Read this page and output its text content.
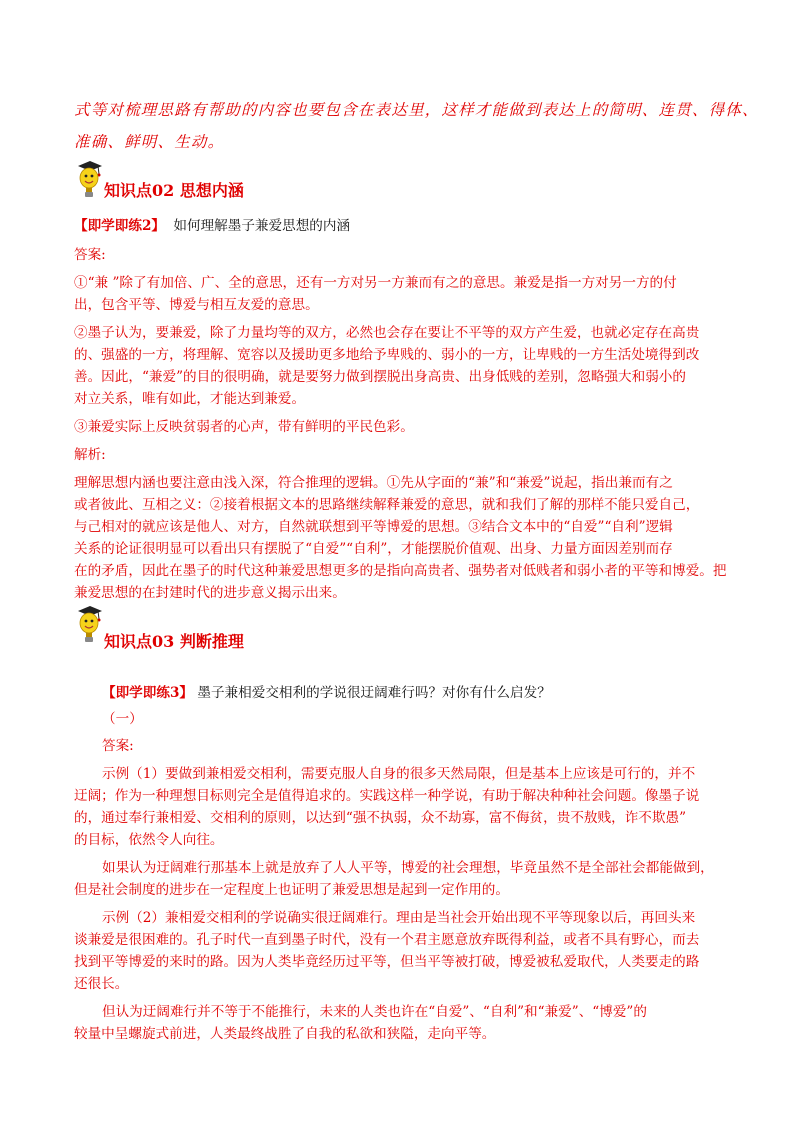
式等对梳理思路有帮助的内容也要包含在表达里，这样才能做到表达上的简明、连贯、得体、
准确、鲜明、生动。
知识点02 思想内涵
【即学即练2】 如何理解墨子兼爱思想的内涵
答案:
①“兼 ”除了有加倍、广、全的意思，还有一方对另一方兼而有之的意思。兼爱是指一方对另一方的付
出，包含平等、博爱与相互友爱的意思。
②墨子认为，要兼爱，除了力量均等的双方，必然也会存在要让不平等的双方产生爱，也就必定存在高贵
的、强盛的一方，将理解、宽容以及援助更多地给予卑贱的、弱小的一方，让卑贱的一方生活处境得到改
善。因此，“兼爱”的目的很明确，就是要努力做到摆脱出身高贵、出身低贱的差别，忽略强大和弱小的
对立关系，唯有如此，才能达到兼爱。
③兼爱实际上反映贫弱者的心声，带有鲜明的平民色彩。
解析:
理解思想内涵也要注意由浅入深，符合推理的逻辑。①先从字面的“兼”和“兼爱”说起，指出兼而有之
或者彼此、互相之义：②接着根据文本的思路继续解释兼爱的意思，就和我们了解的那样不能只爱自己，
与己相对的就应该是他人、对方，自然就联想到平等博爱的思想。③结合文本中的“自爱”“自利”逻辑
关系的论证很明显可以看出只有摆脱了“自爱”“自利”，才能摆脱价值观、出身、力量方面因差别而存
在的矛盾，因此在墨子的时代这种兼爱思想更多的是指向高贵者、强势者对低贱者和弱小者的平等和博爱。把
兼爱思想的在封建时代的进步意义揭示出来。
知识点03 判断推理
【即学即练3】 墨子兼相爱交相利的学说很迂阔难行吗？对你有什么启发？
（一）
答案:
示例（1）要做到兼相爱交相利，需要克服人自身的很多天然局限，但是基本上应该是可行的，并不
迂阔；作为一种理想目标则完全是值得追求的。实践这样一种学说，有助于解决种种社会问题。像墨子说
的，通过奉行兼相爱、交相利的原则，以达到“强不执弱，众不劫寡，富不侮贫，贵不敖贱，诈不欺愚”
的目标，依然令人向往。
如果认为迂阔难行那基本上就是放弃了人人平等，博爱的社会理想，毕竟虽然不是全部社会都能做到，
但是社会制度的进步在一定程度上也证明了兼爱思想是起到一定作用的。
示例（2）兼相爱交相利的学说确实很迂阔难行。理由是当社会开始出现不平等现象以后，再回头来
谈兼爱是很困难的。孔子时代一直到墨子时代，没有一个君主愿意放弃既得利益，或者不具有野心，而去
找到平等博爱的来时的路。因为人类毕竟经历过平等，但当平等被打破，博爱被私爱取代，人类要走的路
还很长。
但认为迂阔难行并不等于不能推行，未来的人类也许在“自爱”、“自利”和“兼爱”、“博爱”的
较量中呈螺旋式前进，人类最终战胜了自我的私欲和狭隘，走向平等。
